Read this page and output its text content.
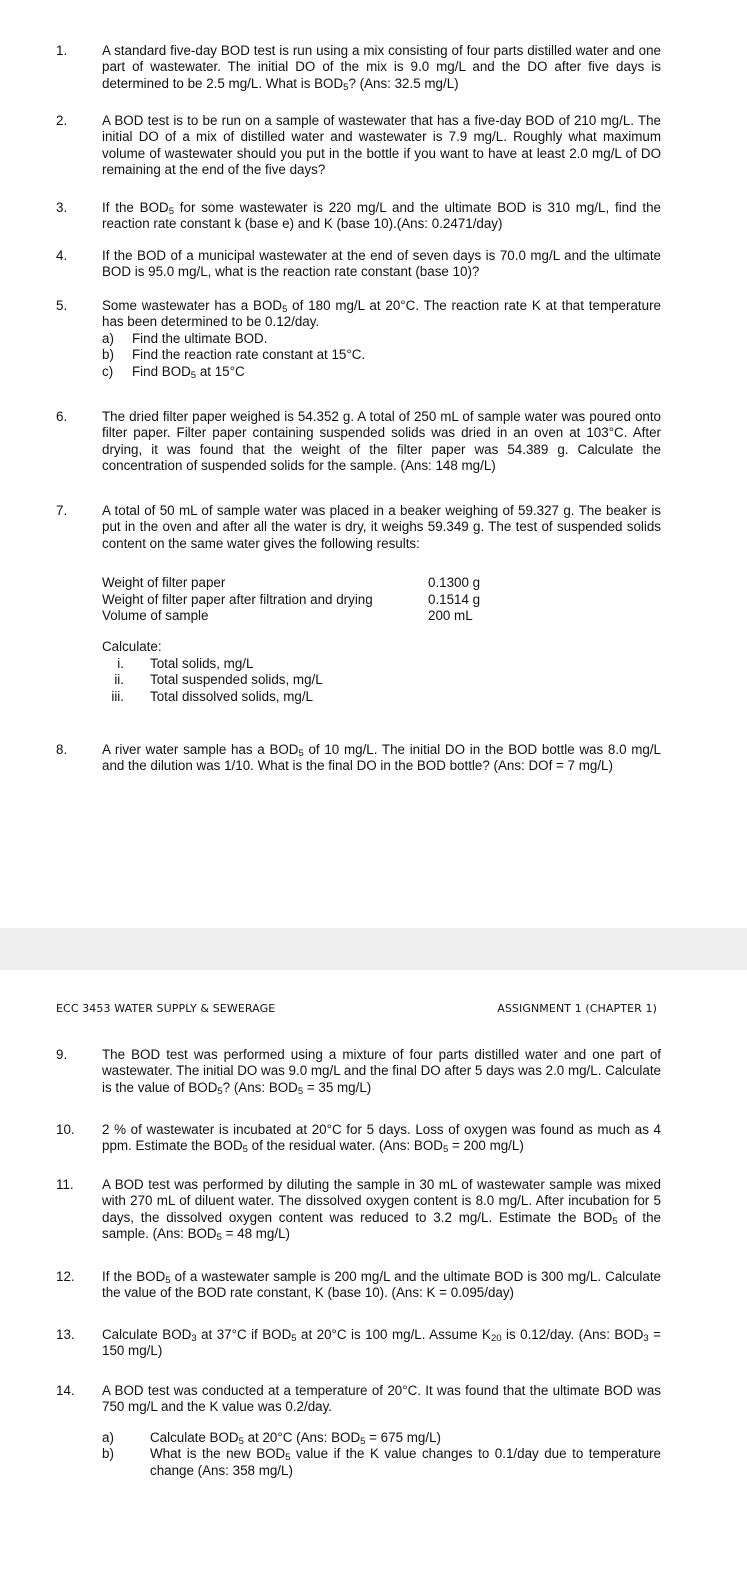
1.	A standard five-day BOD test is run using a mix consisting of four parts distilled water and one part of wastewater. The initial DO of the mix is 9.0 mg/L and the DO after five days is determined to be 2.5 mg/L. What is $BOD_5$? (Ans: 32.5 mg/L)
2.	A BOD test is to be run on a sample of wastewater that has a five-day BOD of 210 mg/L. The initial DO of a mix of distilled water and wastewater is 7.9 mg/L. Roughly what maximum volume of wastewater should you put in the bottle if you want to have at least 2.0 mg/L of DO remaining at the end of the five days?
3.	If the $BOD_5$ for some wastewater is 220 mg/L and the ultimate BOD is 310 mg/L, find the reaction rate constant k (base e) and K (base 10).(Ans: 0.2471/day)
4.	If the BOD of a municipal wastewater at the end of seven days is 70.0 mg/L and the ultimate BOD is 95.0 mg/L, what is the reaction rate constant (base 10)?
5.	Some wastewater has a $BOD_5$ of 180 mg/L at 20°C. The reaction rate K at that temperature has been determined to be 0.12/day.
a) Find the ultimate BOD.
b) Find the reaction rate constant at 15°C.
c) Find $BOD_5$ at 15°C
6.	The dried filter paper weighed is 54.352 g. A total of 250 mL of sample water was poured onto filter paper. Filter paper containing suspended solids was dried in an oven at 103°C. After drying, it was found that the weight of the filter paper was 54.389 g. Calculate the concentration of suspended solids for the sample. (Ans: 148 mg/L)
7.	A total of 50 mL of sample water was placed in a beaker weighing of 59.327 g. The beaker is put in the oven and after all the water is dry, it weighs 59.349 g. The test of suspended solids content on the same water gives the following results:
Weight of filter paper	0.1300 g
Weight of filter paper after filtration and drying	0.1514 g
Volume of sample	200 mL
Calculate:
i. Total solids, mg/L
ii. Total suspended solids, mg/L
iii. Total dissolved solids, mg/L
8.	A river water sample has a $BOD_5$ of 10 mg/L. The initial DO in the BOD bottle was 8.0 mg/L and the dilution was 1/10. What is the final DO in the BOD bottle? (Ans: DOf = 7 mg/L)
ECC 3453 WATER SUPPLY & SEWERAGE	ASSIGNMENT 1 (CHAPTER 1)
9.	The BOD test was performed using a mixture of four parts distilled water and one part of wastewater. The initial DO was 9.0 mg/L and the final DO after 5 days was 2.0 mg/L. Calculate is the value of $BOD_5$? (Ans: $BOD_5 = 35$ mg/L)
10. 2 % of wastewater is incubated at 20°C for 5 days. Loss of oxygen was found as much as 4 ppm. Estimate the $BOD_5$ of the residual water. (Ans: $BOD_5 = 200$ mg/L)
11. A BOD test was performed by diluting the sample in 30 mL of wastewater sample was mixed with 270 mL of diluent water. The dissolved oxygen content is 8.0 mg/L. After incubation for 5 days, the dissolved oxygen content was reduced to 3.2 mg/L. Estimate the $BOD_5$ of the sample. (Ans: $BOD_5 = 48$ mg/L)
12. If the $BOD_5$ of a wastewater sample is 200 mg/L and the ultimate BOD is 300 mg/L. Calculate the value of the BOD rate constant, K (base 10). (Ans: K = 0.095/day)
13. Calculate $BOD_3$ at 37°C if $BOD_5$ at 20°C is 100 mg/L. Assume $K_{20}$ is 0.12/day. (Ans: $BOD_3 = 150$ mg/L)
14. A BOD test was conducted at a temperature of 20°C. It was found that the ultimate BOD was 750 mg/L and the K value was 0.2/day.
a)	Calculate $BOD_5$ at 20°C (Ans: $BOD_5 = 675$ mg/L)
b)	What is the new $BOD_5$ value if the K value changes to 0.1/day due to temperature change (Ans: 358 mg/L)
